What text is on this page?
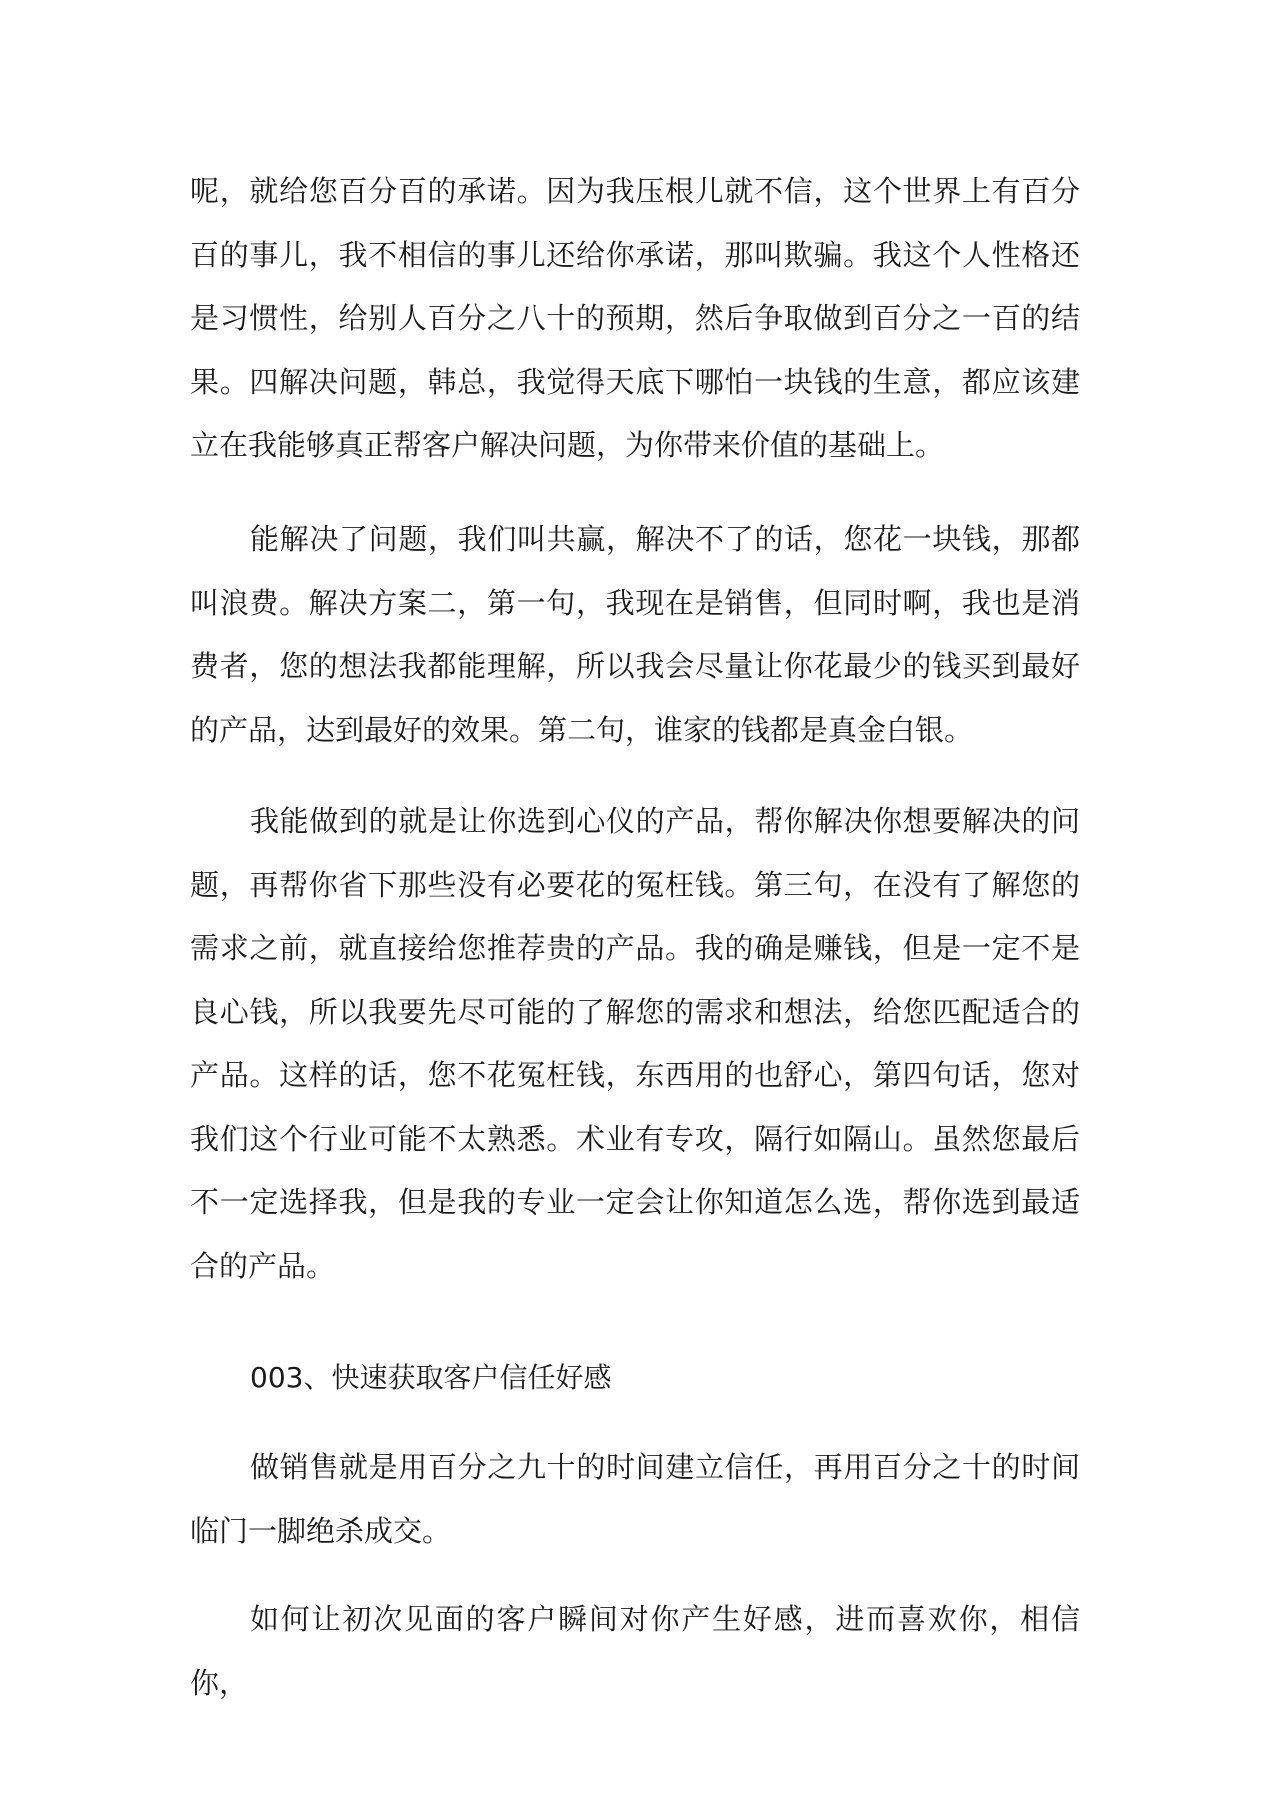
呢，就给您百分百的承诺。因为我压根儿就不信，这个世界上有百分百的事儿，我不相信的事儿还给你承诺，那叫欺骗。我这个人性格还是习惯性，给别人百分之八十的预期，然后争取做到百分之一百的结果。四解决问题，韩总，我觉得天底下哪怕一块钱的生意，都应该建立在我能够真正帮客户解决问题，为你带来价值的基础上。

能解决了问题，我们叫共赢，解决不了的话，您花一块钱，那都叫浪费。解决方案二，第一句，我现在是销售，但同时啊，我也是消费者，您的想法我都能理解，所以我会尽量让你花最少的钱买到最好的产品，达到最好的效果。第二句，谁家的钱都是真金白银。

我能做到的就是让你选到心仪的产品，帮你解决你想要解决的问题，再帮你省下那些没有必要花的冤枉钱。第三句，在没有了解您的需求之前，就直接给您推荐贵的产品。我的确是赚钱，但是一定不是良心钱，所以我要先尽可能的了解您的需求和想法，给您匹配适合的产品。这样的话，您不花冤枉钱，东西用的也舒心，第四句话，您对我们这个行业可能不太熟悉。术业有专攻，隔行如隔山。虽然您最后不一定选择我，但是我的专业一定会让你知道怎么选，帮你选到最适合的产品。

003、快速获取客户信任好感

做销售就是用百分之九十的时间建立信任，再用百分之十的时间临门一脚绝杀成交。

如何让初次见面的客户瞬间对你产生好感，进而喜欢你，相信你，
